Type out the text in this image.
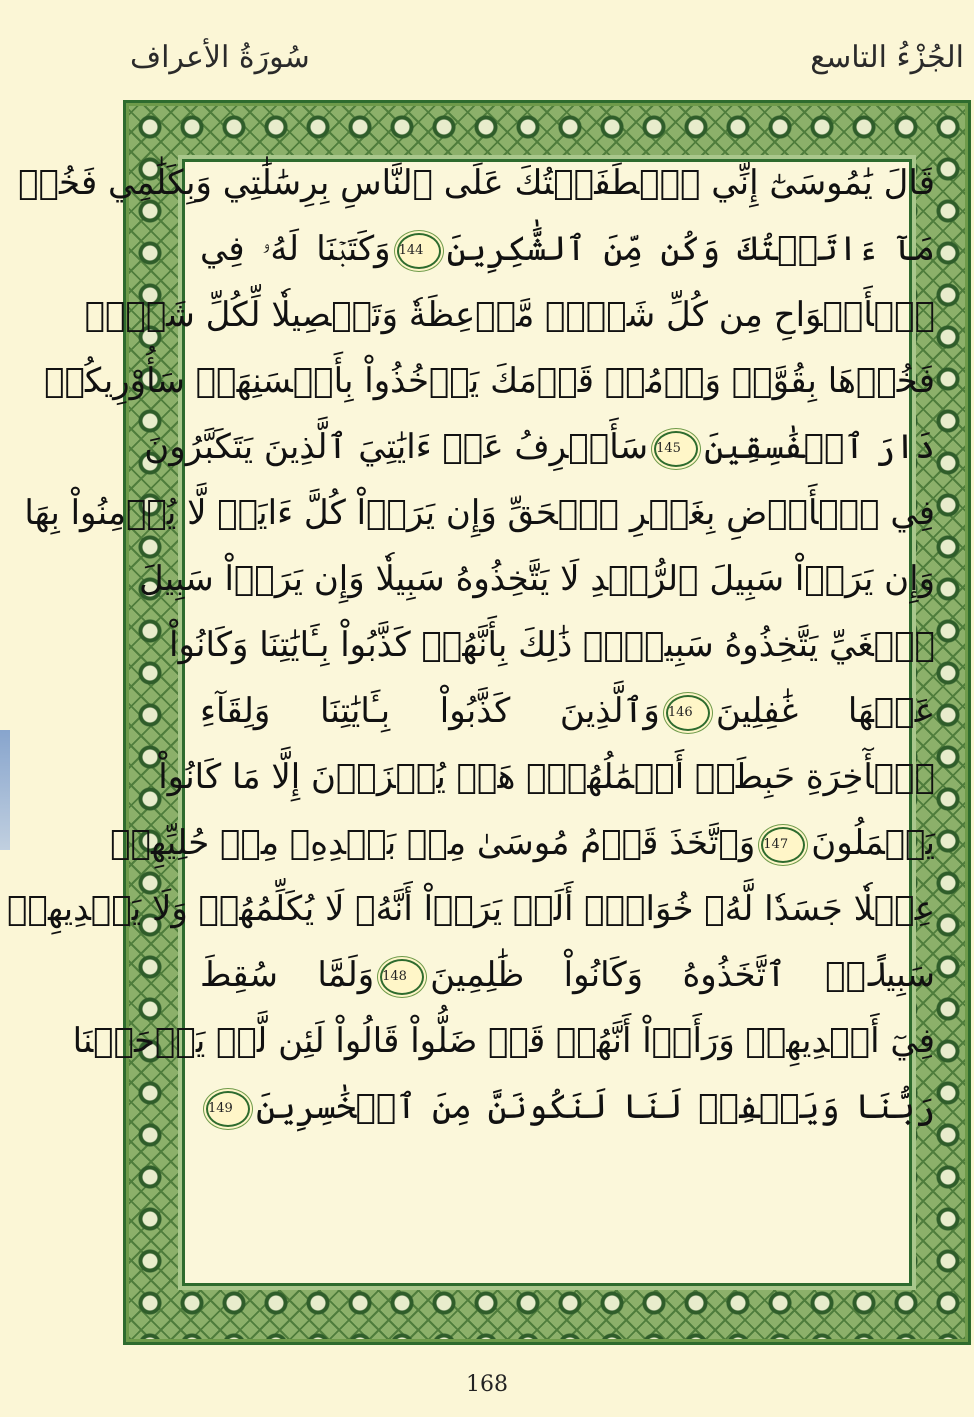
سُورَةُ الأعراف	الجُزْءُ التاسع
قَالَ يَٰمُوسَىٰٓ إِنِّي ٱصۡطَفَيۡتُكَ عَلَى ٱلنَّاسِ بِرِسَٰلَٰتِي وَبِكَلَٰمِي فَخُذۡ
مَآ ءَاتَيۡتُكَ وَكُن مِّنَ ٱلشَّٰكِرِينَ144وَكَتَبۡنَا لَهُۥ فِي
ٱلۡأَلۡوَاحِ مِن كُلِّ شَيۡءٖ مَّوۡعِظَةٗ وَتَفۡصِيلٗا لِّكُلِّ شَيۡءٖ
فَخُذۡهَا بِقُوَّةٖ وَأۡمُرۡ قَوۡمَكَ يَأۡخُذُواْ بِأَحۡسَنِهَاۚ سَأُوْرِيكُمۡ
دَارَ ٱلۡفَٰسِقِينَ145سَأَصۡرِفُ عَنۡ ءَايَٰتِيَ ٱلَّذِينَ يَتَكَبَّرُونَ
فِي ٱلۡأَرۡضِ بِغَيۡرِ ٱلۡحَقِّ وَإِن يَرَوۡاْ كُلَّ ءَايَةٖ لَّا يُؤۡمِنُواْ بِهَا
وَإِن يَرَوۡاْ سَبِيلَ ٱلرُّشۡدِ لَا يَتَّخِذُوهُ سَبِيلٗا وَإِن يَرَوۡاْ سَبِيلَ
ٱلۡغَيِّ يَتَّخِذُوهُ سَبِيلٗاۚ ذَٰلِكَ بِأَنَّهُمۡ كَذَّبُواْ بِـَٔايَٰتِنَا وَكَانُواْ
عَنۡهَا غَٰفِلِينَ146وَٱلَّذِينَ كَذَّبُواْ بِـَٔايَٰتِنَا وَلِقَآءِ
ٱلۡأٓخِرَةِ حَبِطَتۡ أَعۡمَٰلُهُمۡۚ هَلۡ يُجۡزَوۡنَ إِلَّا مَا كَانُواْ
يَعۡمَلُونَ147وَٱتَّخَذَ قَوۡمُ مُوسَىٰ مِنۢ بَعۡدِهِۦ مِنۡ حُلِيِّهِمۡ
عِجۡلٗا جَسَدٗا لَّهُۥ خُوَارٌۚ أَلَمۡ يَرَوۡاْ أَنَّهُۥ لَا يُكَلِّمُهُمۡ وَلَا يَهۡدِيهِمۡ
سَبِيلًاۘ ٱتَّخَذُوهُ وَكَانُواْ ظَٰلِمِينَ148وَلَمَّا سُقِطَ
فِيٓ أَيۡدِيهِمۡ وَرَأَوۡاْ أَنَّهُمۡ قَدۡ ضَلُّواْ قَالُواْ لَئِن لَّمۡ يَرۡحَمۡنَا
رَبُّنَا وَيَغۡفِرۡ لَنَا لَنَكُونَنَّ مِنَ ٱلۡخَٰسِرِينَ149
168
